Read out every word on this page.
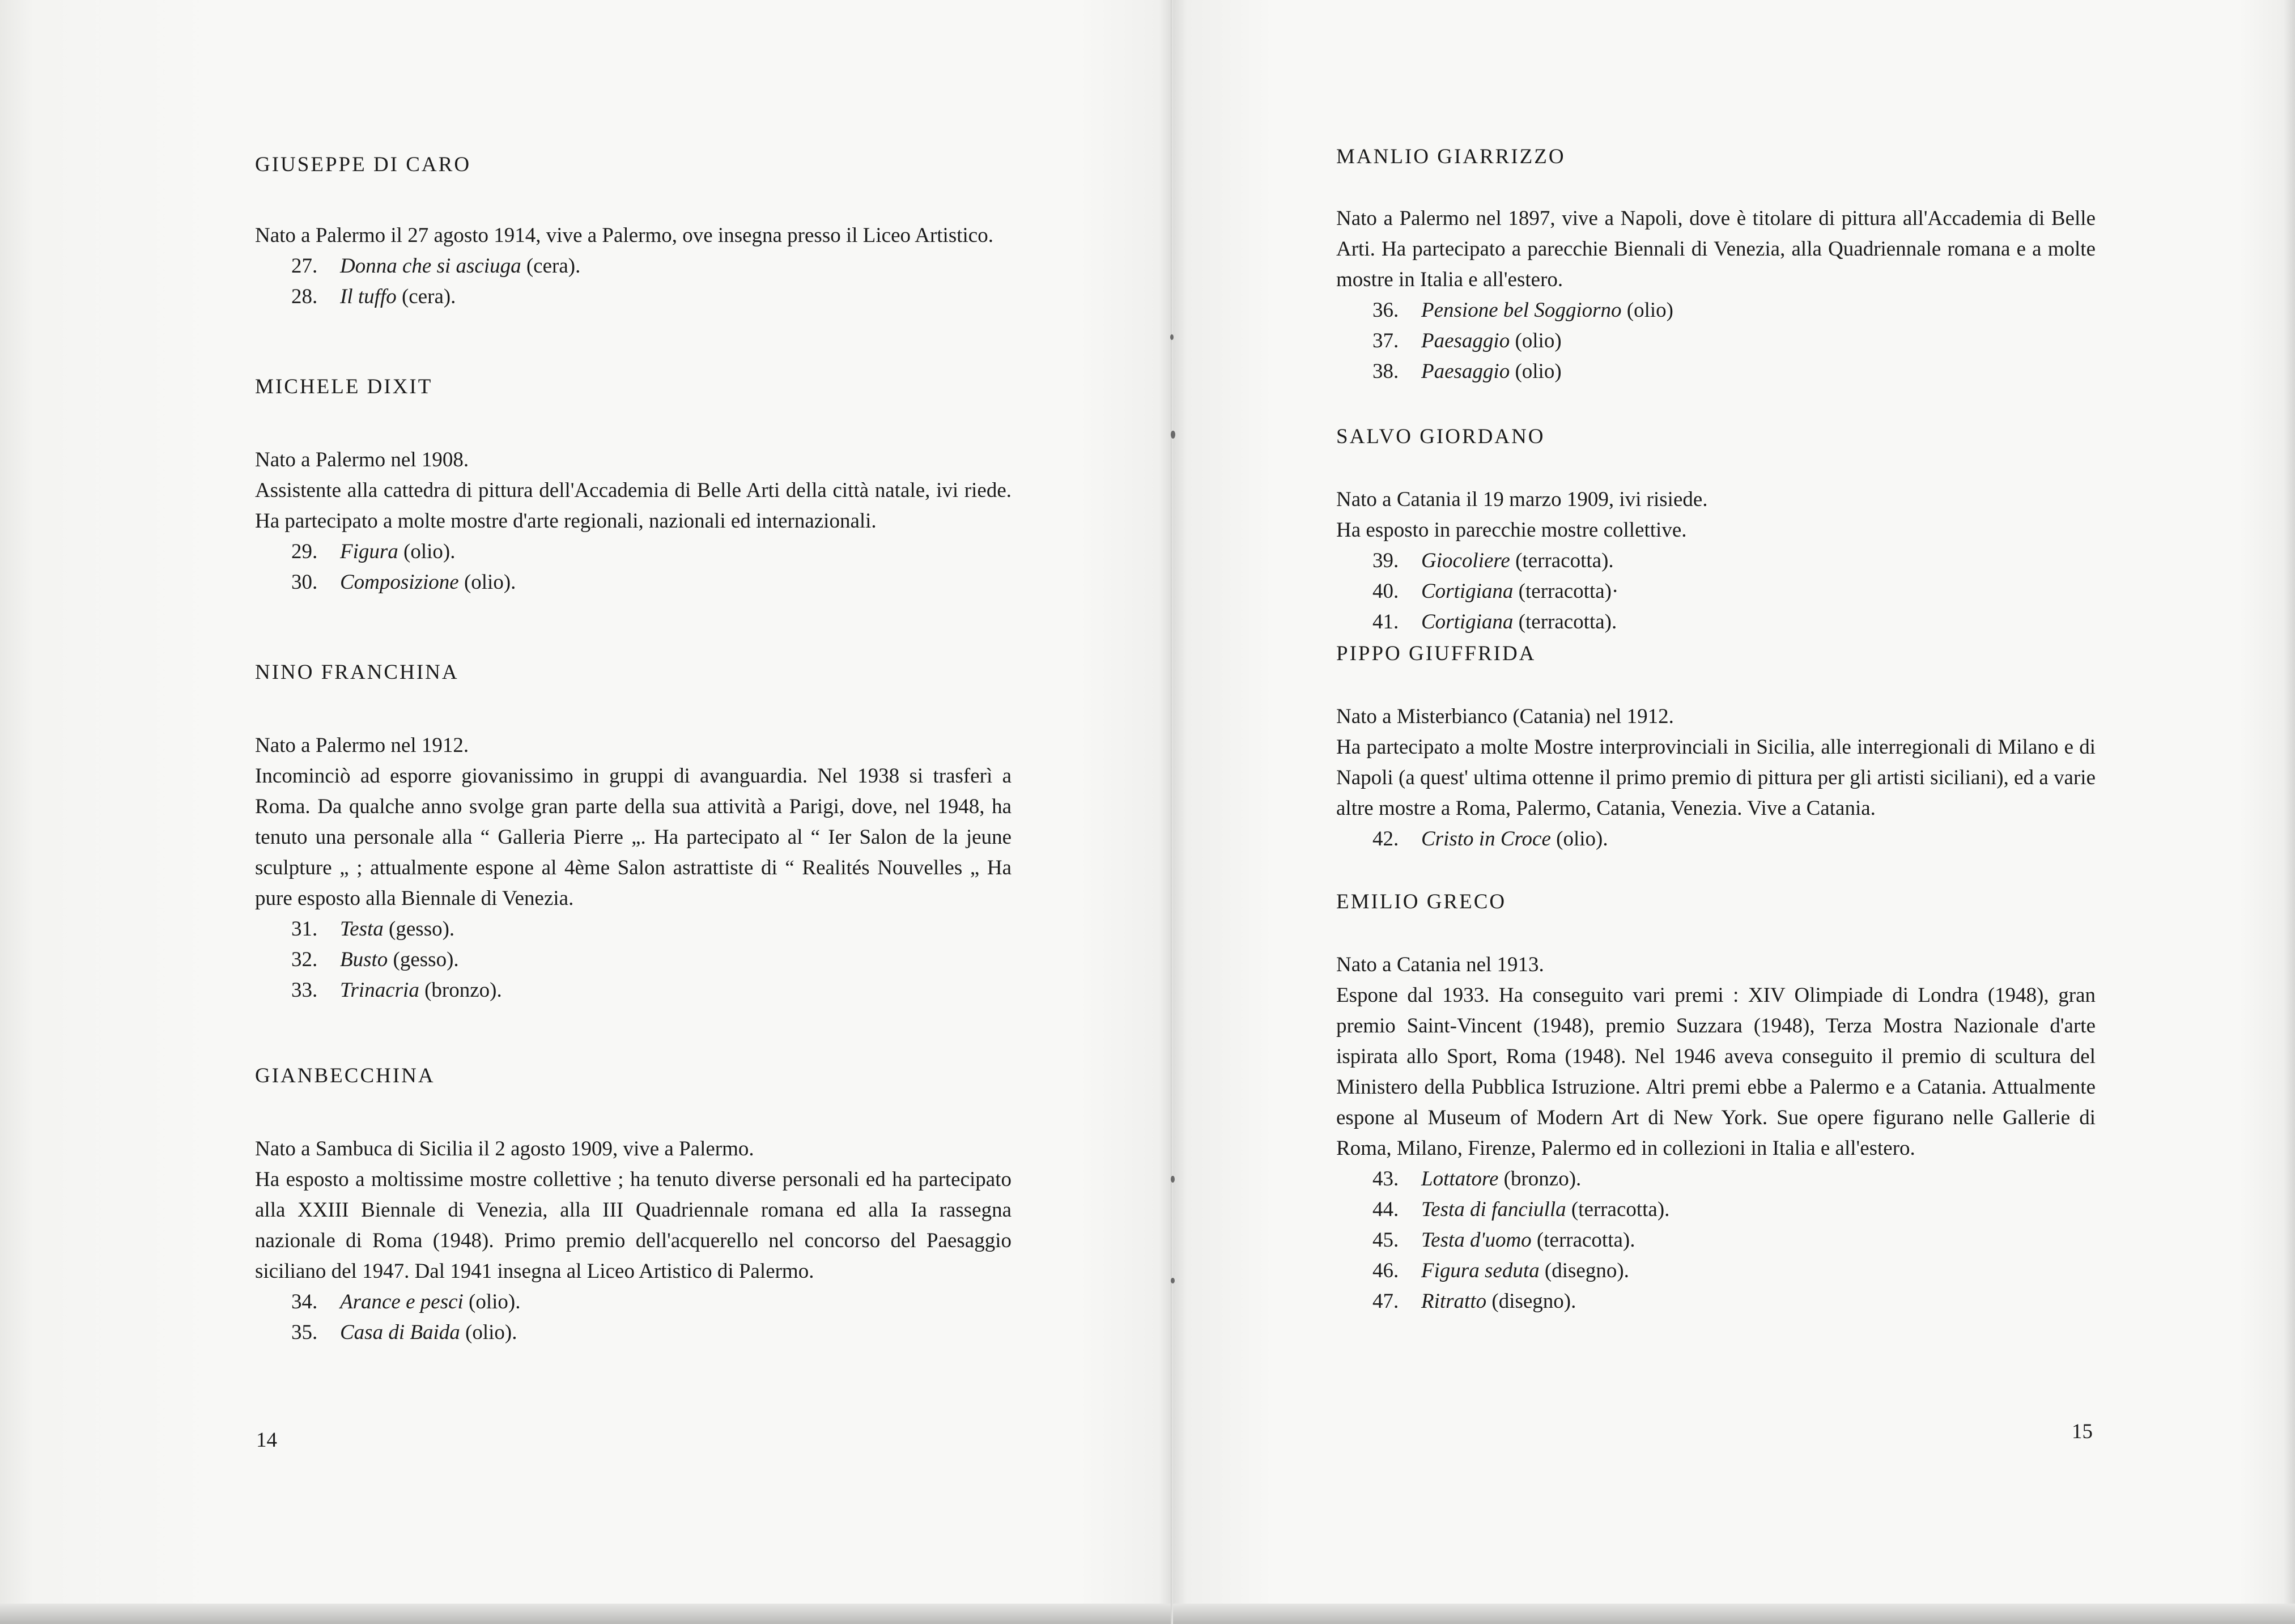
GIUSEPPE DI CARO
Nato a Palermo il 27 agosto 1914, vive a Palermo, ove insegna presso il Liceo Artistico.
27. Donna che si asciuga (cera).
28. Il tuffo (cera).
MICHELE DIXIT
Nato a Palermo nel 1908.
Assistente alla cattedra di pittura dell'Accademia di Belle Arti della città natale, ivi riede. Ha partecipato a molte mostre d'arte regionali, nazionali ed internazionali.
29. Figura (olio).
30. Composizione (olio).
NINO FRANCHINA
Nato a Palermo nel 1912.
Incominciò ad esporre giovanissimo in gruppi di avanguardia. Nel 1938 si trasferì a Roma. Da qualche anno svolge gran parte della sua attività a Parigi, dove, nel 1948, ha tenuto una personale alla “ Galleria Pierre „. Ha partecipato al “ Ier Salon de la jeune sculpture „ ; attualmente espone al 4ème Salon astrattiste di “ Realités Nouvelles „ Ha pure esposto alla Biennale di Venezia.
31. Testa (gesso).
32. Busto (gesso).
33. Trinacria (bronzo).
GIANBECCHINA
Nato a Sambuca di Sicilia il 2 agosto 1909, vive a Palermo.
Ha esposto a moltissime mostre collettive ; ha tenuto diverse personali ed ha partecipato alla XXIII Biennale di Venezia, alla III Quadriennale romana ed alla Ia rassegna nazionale di Roma (1948). Primo premio dell'acquerello nel concorso del Paesaggio siciliano del 1947. Dal 1941 insegna al Liceo Artistico di Palermo.
34. Arance e pesci (olio).
35. Casa di Baida (olio).
14
MANLIO GIARRIZZO
Nato a Palermo nel 1897, vive a Napoli, dove è titolare di pittura all'Accademia di Belle Arti. Ha partecipato a parecchie Biennali di Venezia, alla Quadriennale romana e a molte mostre in Italia e all'estero.
36. Pensione bel Soggiorno (olio)
37. Paesaggio (olio)
38. Paesaggio (olio)
SALVO GIORDANO
Nato a Catania il 19 marzo 1909, ivi risiede.
Ha esposto in parecchie mostre collettive.
39. Giocoliere (terracotta).
40. Cortigiana (terracotta)·
41. Cortigiana (terracotta).
PIPPO GIUFFRIDA
Nato a Misterbianco (Catania) nel 1912.
Ha partecipato a molte Mostre interprovinciali in Sicilia, alle interregionali di Milano e di Napoli (a quest' ultima ottenne il primo premio di pittura per gli artisti siciliani), ed a varie altre mostre a Roma, Palermo, Catania, Venezia. Vive a Catania.
42. Cristo in Croce (olio).
EMILIO GRECO
Nato a Catania nel 1913.
Espone dal 1933. Ha conseguito vari premi : XIV Olimpiade di Londra (1948), gran premio Saint-Vincent (1948), premio Suzzara (1948), Terza Mostra Nazionale d'arte ispirata allo Sport, Roma (1948). Nel 1946 aveva conseguito il premio di scultura del Ministero della Pubblica Istruzione. Altri premi ebbe a Palermo e a Catania. Attualmente espone al Museum of Modern Art di New York. Sue opere figurano nelle Gallerie di Roma, Milano, Firenze, Palermo ed in collezioni in Italia e all'estero.
43. Lottatore (bronzo).
44. Testa di fanciulla (terracotta).
45. Testa d'uomo (terracotta).
46. Figura seduta (disegno).
47. Ritratto (disegno).
15
